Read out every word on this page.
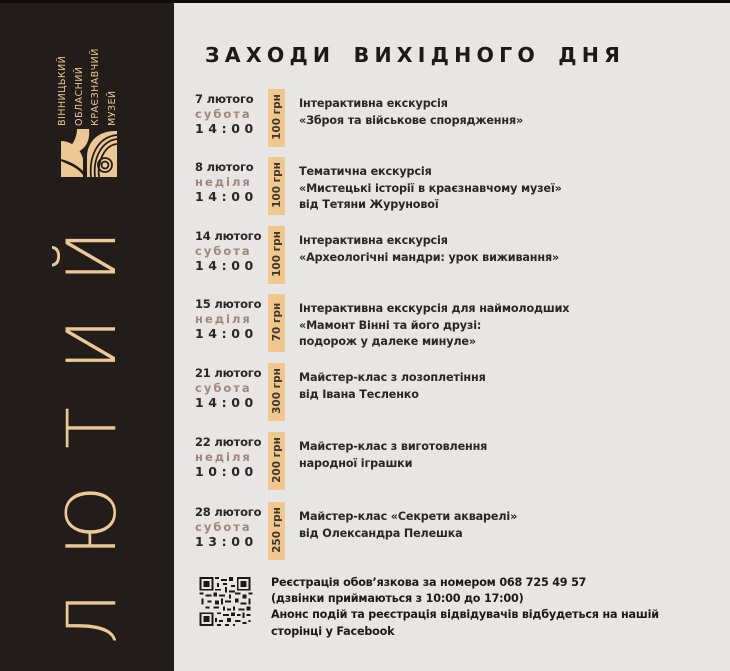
ВІННИЦЬКИЙ ОБЛАСНИЙ КРАЄЗНАВЧИЙ МУЗЕЙ
ЛЮТИЙ
ЗАХОДИ ВИХІДНОГО ДНЯ
7 лютого
субота
14:00 100 грн Інтерактивна екскурсія
«Зброя та військове спорядження»
8 лютого
неділя
14:00 100 грн Тематична екскурсія
«Мистецькі історії в краєзнавчому музеї»
від Тетяни Журунової
14 лютого
субота
14:00 100 грн Інтерактивна екскурсія
«Археологічні мандри: урок виживання»
15 лютого
неділя
14:00 70 грн Інтерактивна екскурсія для наймолодших
«Мамонт Вінні та його друзі:
подорож у далеке минуле»
21 лютого
субота
14:00 300 грн Майстер-клас з лозоплетіння
від Івана Тесленко
22 лютого
неділя
10:00 200 грн Майстер-клас з виготовлення
народної іграшки
28 лютого
субота
13:00 250 грн Майстер-клас «Секрети акварелі»
від Олександра Пелешка
Реєстрація обов’язкова за номером 068 725 49 57
(дзвінки приймаються з 10:00 до 17:00)
Анонс подій та реєстрація відвідувачів відбудеться на нашій
сторінці у Facebook
